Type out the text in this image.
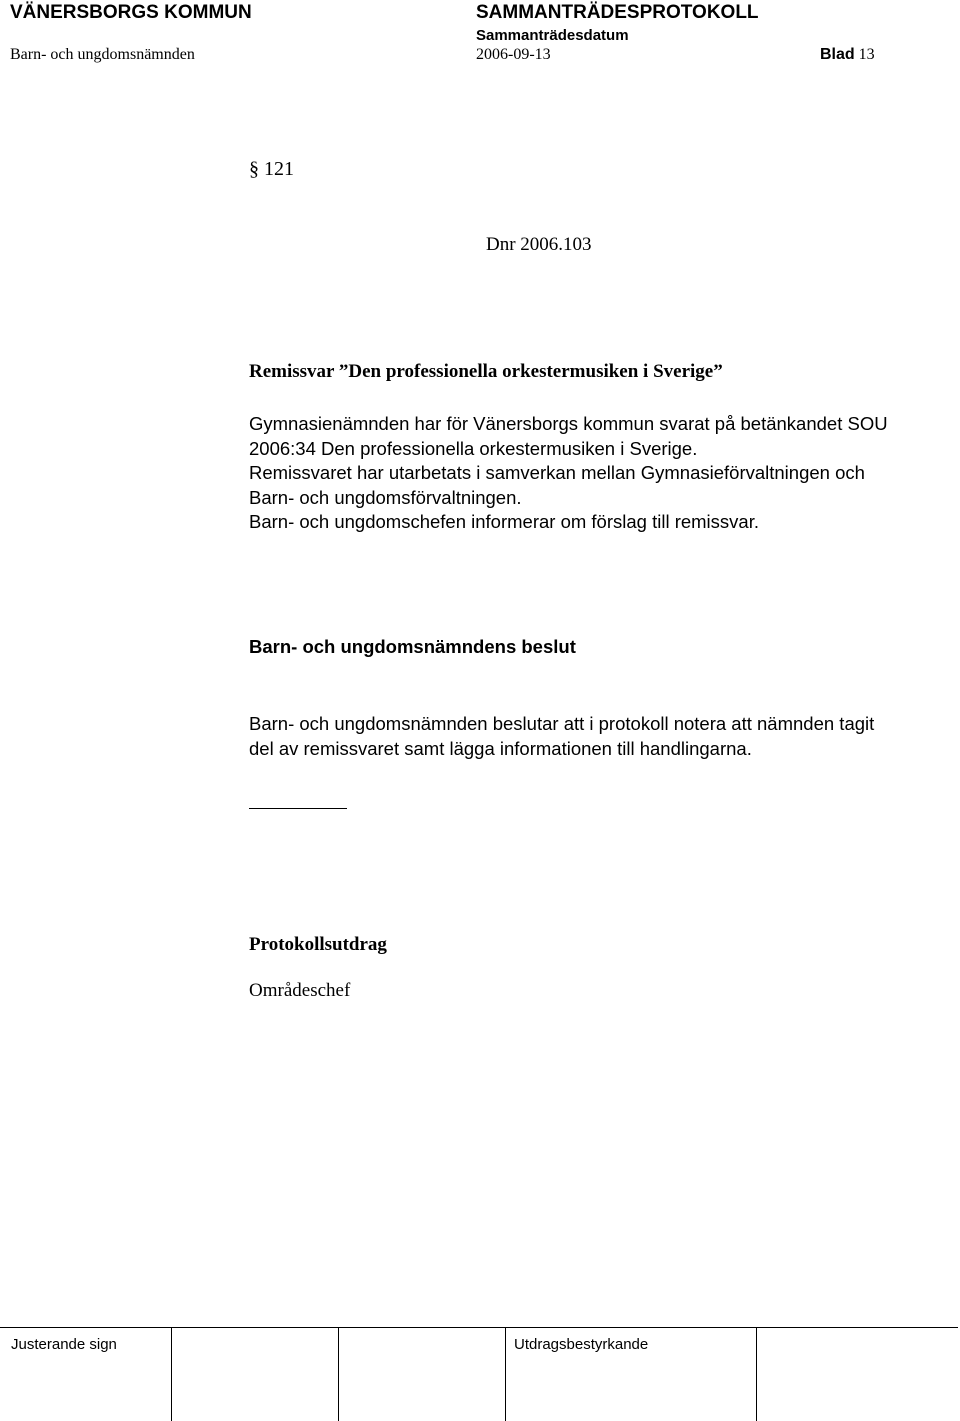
VÄNERSBORGS KOMMUN	SAMMANTRÄDESPROTOKOLL
Sammanträdesdatum
Barn- och ungdomsnämnden	2006-09-13	Blad 13
§ 121
Dnr 2006.103
Remissvar ”Den professionella orkestermusiken i Sverige”
Gymnasienämnden har för Vänersborgs kommun svarat på betänkandet SOU
2006:34 Den professionella orkestermusiken i Sverige.
Remissvaret har utarbetats i samverkan mellan Gymnasieförvaltningen och
Barn- och ungdomsförvaltningen.
Barn- och ungdomschefen informerar om förslag till remissvar.
Barn- och ungdomsnämndens beslut
Barn- och ungdomsnämnden beslutar att i protokoll notera att nämnden tagit
del av remissvaret samt lägga informationen till handlingarna.
Protokollsutdrag
Områdeschef
Justerande sign	Utdragsbestyrkande
